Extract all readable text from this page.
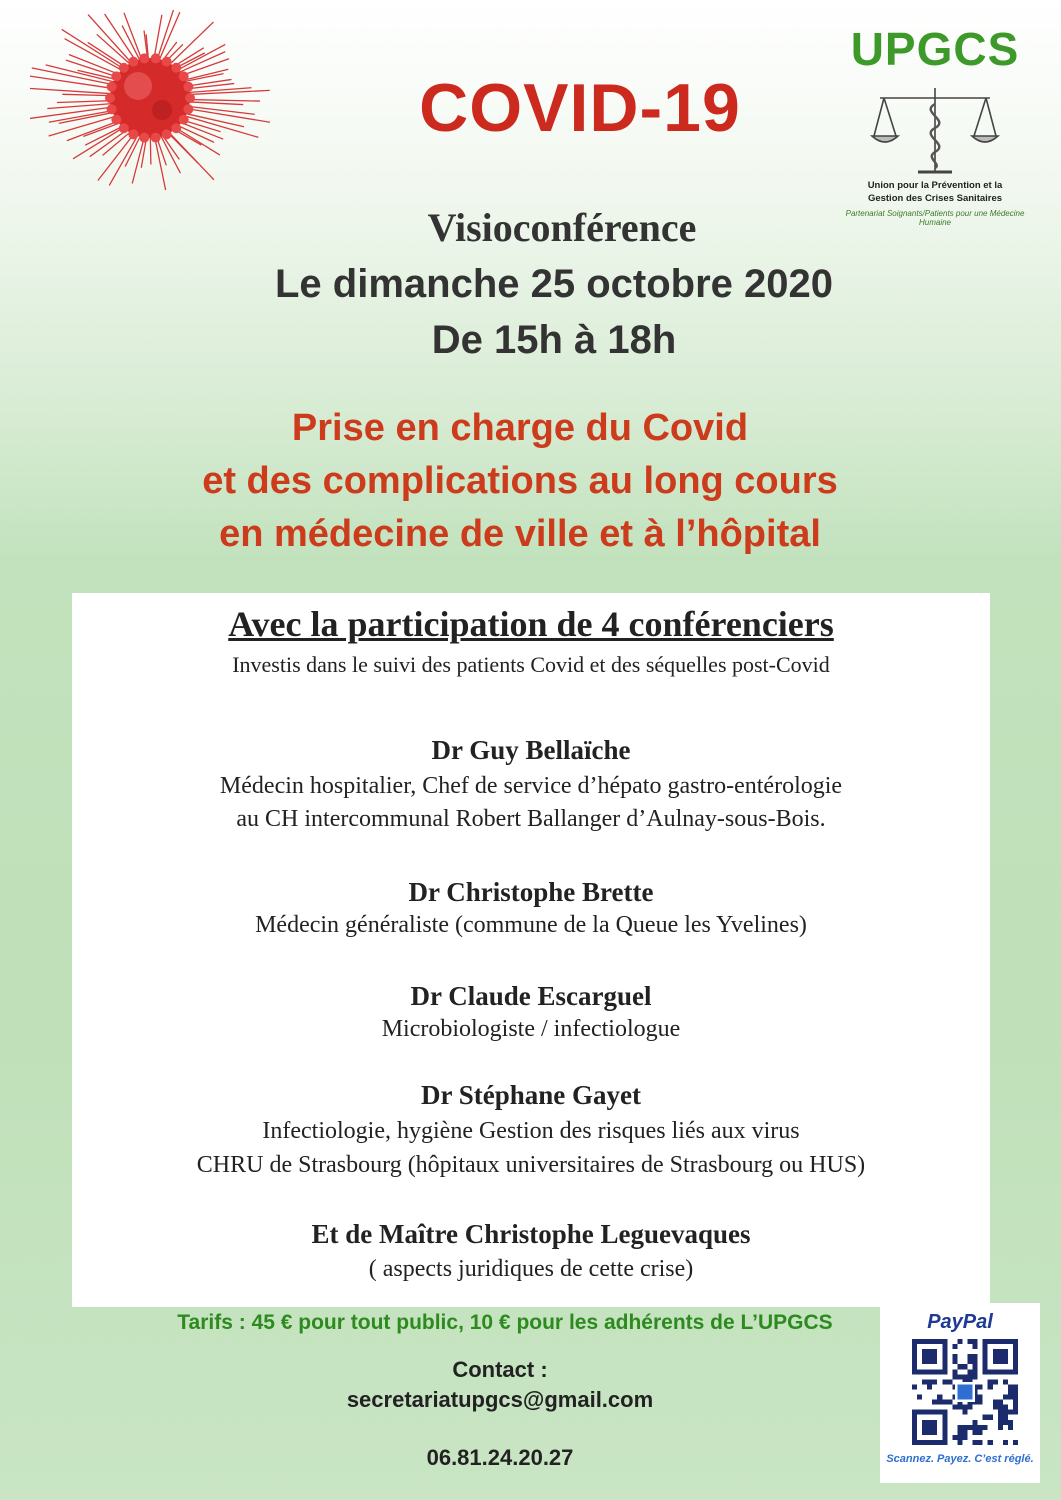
COVID-19
UPGCS
Union pour la Prévention et la
Gestion des Crises Sanitaires
Partenariat Soignants/Patients pour une Médecine Humaine
Visioconférence
Le dimanche 25 octobre 2020
De 15h à 18h
Prise en charge du Covid
et des complications au long cours
en médecine de ville et à l’hôpital
Avec la participation de 4 conférenciers
Investis dans le suivi des patients Covid et des séquelles post-Covid
Dr Guy Bellaïche
Médecin hospitalier, Chef de service d’hépato gastro-entérologie
au CH intercommunal Robert Ballanger d’Aulnay-sous-Bois.
Dr Christophe Brette
Médecin généraliste (commune de la Queue les Yvelines)
Dr Claude Escarguel
Microbiologiste / infectiologue
Dr Stéphane Gayet
Infectiologie, hygiène Gestion des risques liés aux virus
CHRU de Strasbourg (hôpitaux universitaires de Strasbourg ou HUS)
Et de Maître Christophe Leguevaques
( aspects juridiques de cette crise)
Tarifs : 45 € pour tout public, 10 € pour les adhérents de L’UPGCS
Contact :
secretariatupgcs@gmail.com
06.81.24.20.27
PayPal
Scannez. Payez. C’est réglé.
